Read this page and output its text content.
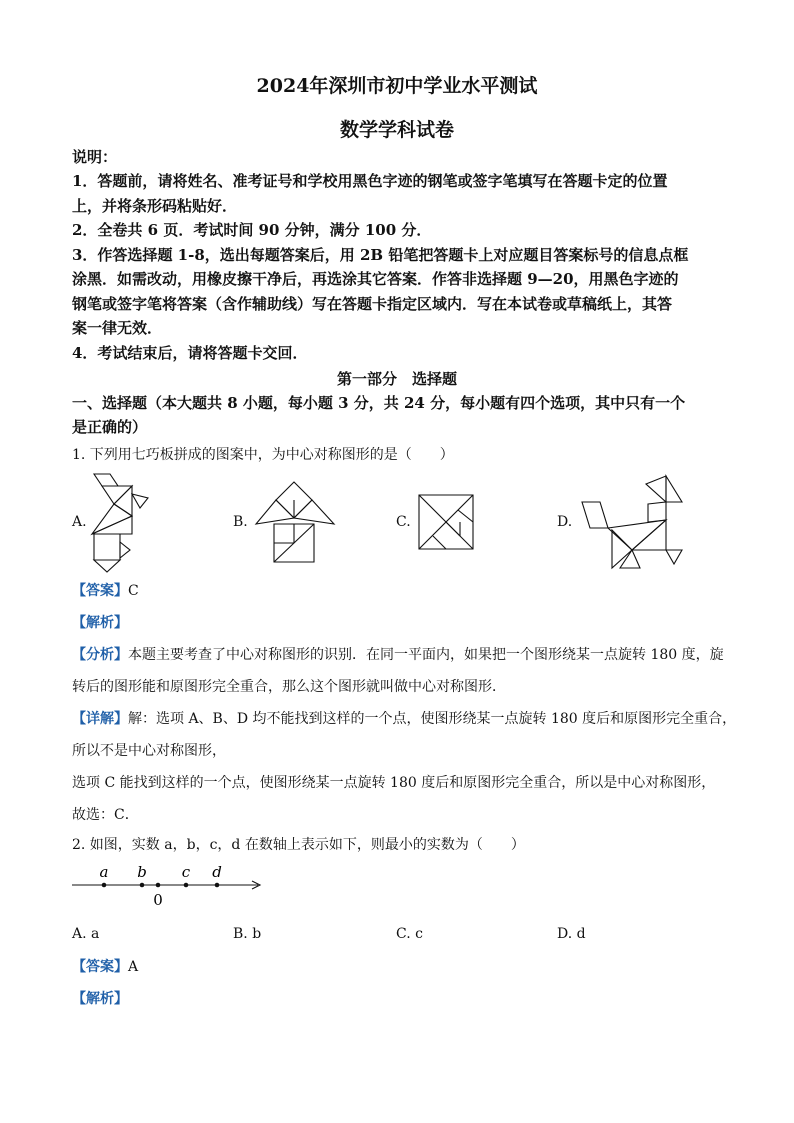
2024年深圳市初中学业水平测试
数学学科试卷
说明：
1．答题前，请将姓名、准考证号和学校用黑色字迹的钢笔或签字笔填写在答题卡定的位置
上，并将条形码粘贴好．
2．全卷共 6 页．考试时间 90 分钟，满分 100 分．
3．作答选择题 1-8，选出每题答案后，用 2B 铅笔把答题卡上对应题目答案标号的信息点框
涂黑．如需改动，用橡皮擦干净后，再选涂其它答案．作答非选择题 9—20，用黑色字迹的
钢笔或签字笔将答案（含作辅助线）写在答题卡指定区域内．写在本试卷或草稿纸上，其答
案一律无效．
4．考试结束后，请将答题卡交回．
第一部分　选择题
一、选择题（本大题共 8 小题，每小题 3 分，共 24 分，每小题有四个选项，其中只有一个
是正确的）
1. 下列用七巧板拼成的图案中，为中心对称图形的是（　　）
A.	B.	C.	D.
【答案】C
【解析】
【分析】本题主要考查了中心对称图形的识别．在同一平面内，如果把一个图形绕某一点旋转 180 度，旋
转后的图形能和原图形完全重合，那么这个图形就叫做中心对称图形．
【详解】解：选项 A、B、D 均不能找到这样的一个点，使图形绕某一点旋转 180 度后和原图形完全重合，
所以不是中心对称图形，
选项 C 能找到这样的一个点，使图形绕某一点旋转 180 度后和原图形完全重合，所以是中心对称图形，
故选：C．
2. 如图，实数 a，b，c，d 在数轴上表示如下，则最小的实数为（　　）
a b c d
0
A. a	B. b	C. c	D. d
【答案】A
【解析】
